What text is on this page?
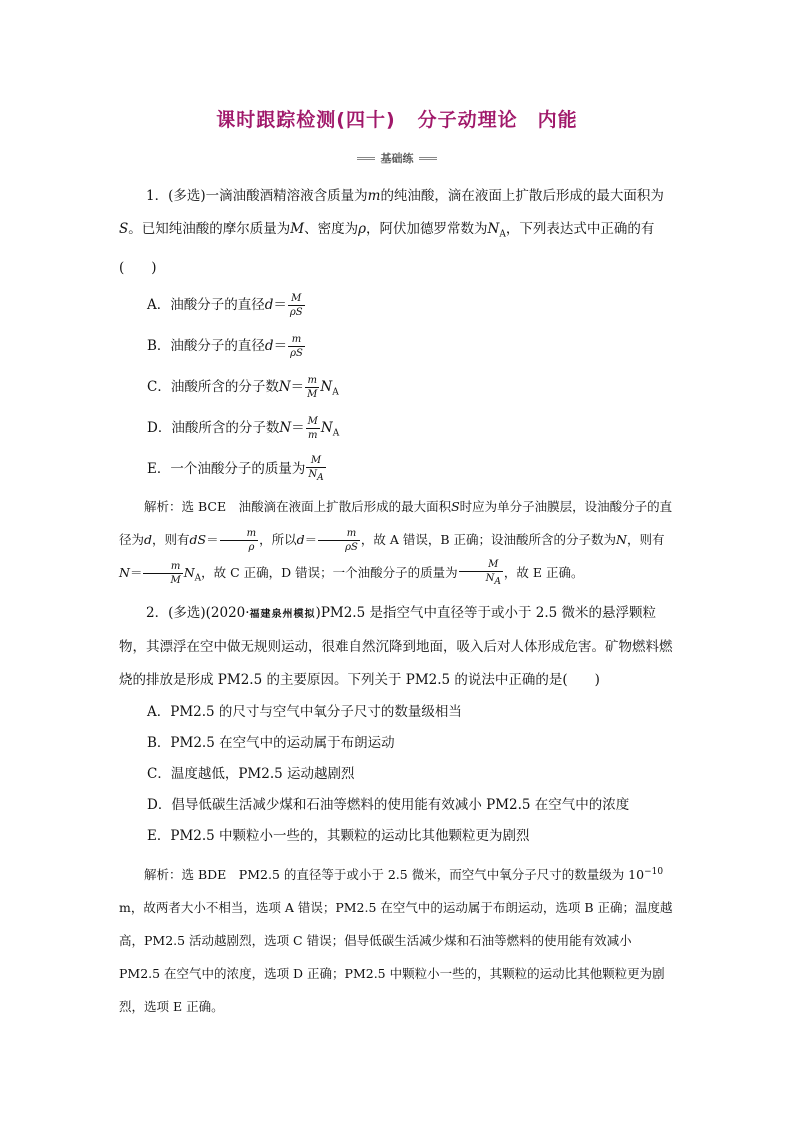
课时跟踪检测(四十) 分子动理论　内能
基础练

1．(多选)一滴油酸酒精溶液含质量为m的纯油酸，滴在液面上扩散后形成的最大面积为S。已知纯油酸的摩尔质量为M、密度为ρ，阿伏加德罗常数为$N_A$，下列表达式中正确的有(　　)

A．油酸分子的直径$d= \frac{M}{\rho S}$

B．油酸分子的直径$d= \frac{m}{\rho S}$

C．油酸所含的分子数$N= \frac{m}{M} N_A$

D．油酸所含的分子数$N= \frac{M}{m} N_A$

E．一个油酸分子的质量为 $\frac{M}{N_A}$

解析：选 BCE　油酸滴在液面上扩散后形成的最大面积S时应为单分子油膜层，设油酸分子的直径为d，则有$dS= \frac{m}{\rho}$ ，所以$d= \frac{m}{\rho S}$ ，故 A 错误，B 正确；设油酸所含的分子数为N，则有$N= \frac{m}{M} N_A$，故 C 正确，D 错误；一个油酸分子的质量为 $\frac{M}{N_A}$ ，故 E 正确。

2．(多选)(2020·福建泉州模拟)PM2.5 是指空气中直径等于或小于 2.5 微米的悬浮颗粒物，其漂浮在空中做无规则运动，很难自然沉降到地面，吸入后对人体形成危害。矿物燃料燃烧的排放是形成 PM2.5 的主要原因。下列关于 PM2.5 的说法中正确的是(　　)

A．PM2.5 的尺寸与空气中氧分子尺寸的数量级相当

B．PM2.5 在空气中的运动属于布朗运动

C．温度越低，PM2.5 运动越剧烈

D．倡导低碳生活减少煤和石油等燃料的使用能有效减小 PM2.5 在空气中的浓度

E．PM2.5 中颗粒小一些的，其颗粒的运动比其他颗粒更为剧烈

解析：选 BDE　PM2.5 的直径等于或小于 2.5 微米，而空气中氧分子尺寸的数量级为 $10^{-10}$ m，故两者大小不相当，选项 A 错误；PM2.5 在空气中的运动属于布朗运动，选项 B 正确；温度越高，PM2.5 活动越剧烈，选项 C 错误；倡导低碳生活减少煤和石油等燃料的使用能有效减小 PM2.5 在空气中的浓度，选项 D 正确；PM2.5 中颗粒小一些的，其颗粒的运动比其他颗粒更为剧烈，选项 E 正确。
